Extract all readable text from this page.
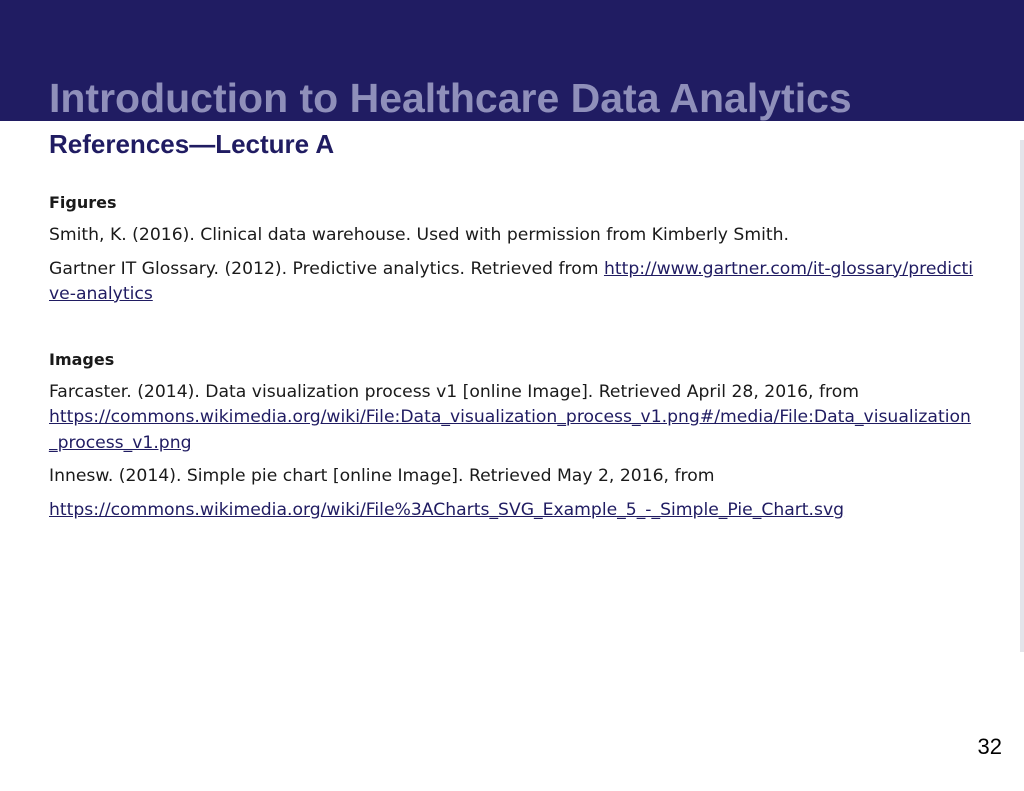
Introduction to Healthcare Data Analytics
References—Lecture A
Figures
Smith, K. (2016). Clinical data warehouse. Used with permission from Kimberly Smith.
Gartner IT Glossary. (2012). Predictive analytics. Retrieved from http://www.gartner.com/it-glossary/predictive-analytics
Images
Farcaster. (2014). Data visualization process v1 [online Image]. Retrieved April 28, 2016, from
https://commons.wikimedia.org/wiki/File:Data_visualization_process_v1.png#/media/File:Data_visualization_process_v1.png
Innesw. (2014). Simple pie chart [online Image]. Retrieved May 2, 2016, from
https://commons.wikimedia.org/wiki/File%3ACharts_SVG_Example_5_-_Simple_Pie_Chart.svg
32
